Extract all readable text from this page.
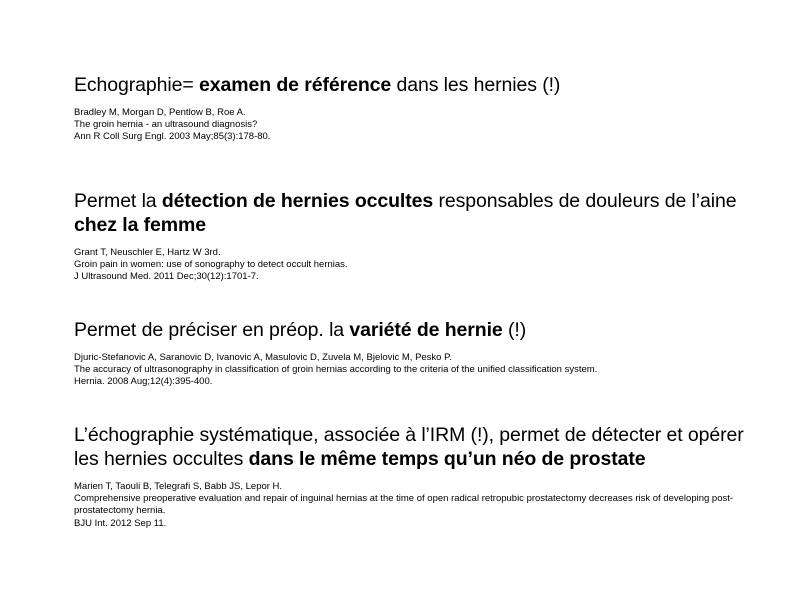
Echographie= examen de référence dans les hernies (!)

Bradley M, Morgan D, Pentlow B, Roe A.
The groin hernia - an ultrasound diagnosis?
Ann R Coll Surg Engl. 2003 May;85(3):178-80.

Permet la détection de hernies occultes responsables de douleurs de l’aine chez la femme

Grant T, Neuschler E, Hartz W 3rd.
Groin pain in women: use of sonography to detect occult hernias.
J Ultrasound Med. 2011 Dec;30(12):1701-7.

Permet de préciser en préop. la variété de hernie (!)

Djuric-Stefanovic A, Saranovic D, Ivanovic A, Masulovic D, Zuvela M, Bjelovic M, Pesko P.
The accuracy of ultrasonography in classification of groin hernias according to the criteria of the unified classification system.
Hernia. 2008 Aug;12(4):395-400.

L’échographie systématique, associée à l’IRM (!), permet de détecter et opérer les hernies occultes dans le même temps qu’un néo de prostate

Marien T, Taouli B, Telegrafi S, Babb JS, Lepor H.
Comprehensive preoperative evaluation and repair of inguinal hernias at the time of open radical retropubic prostatectomy decreases risk of developing post-prostatectomy hernia.
BJU Int. 2012 Sep 11.
